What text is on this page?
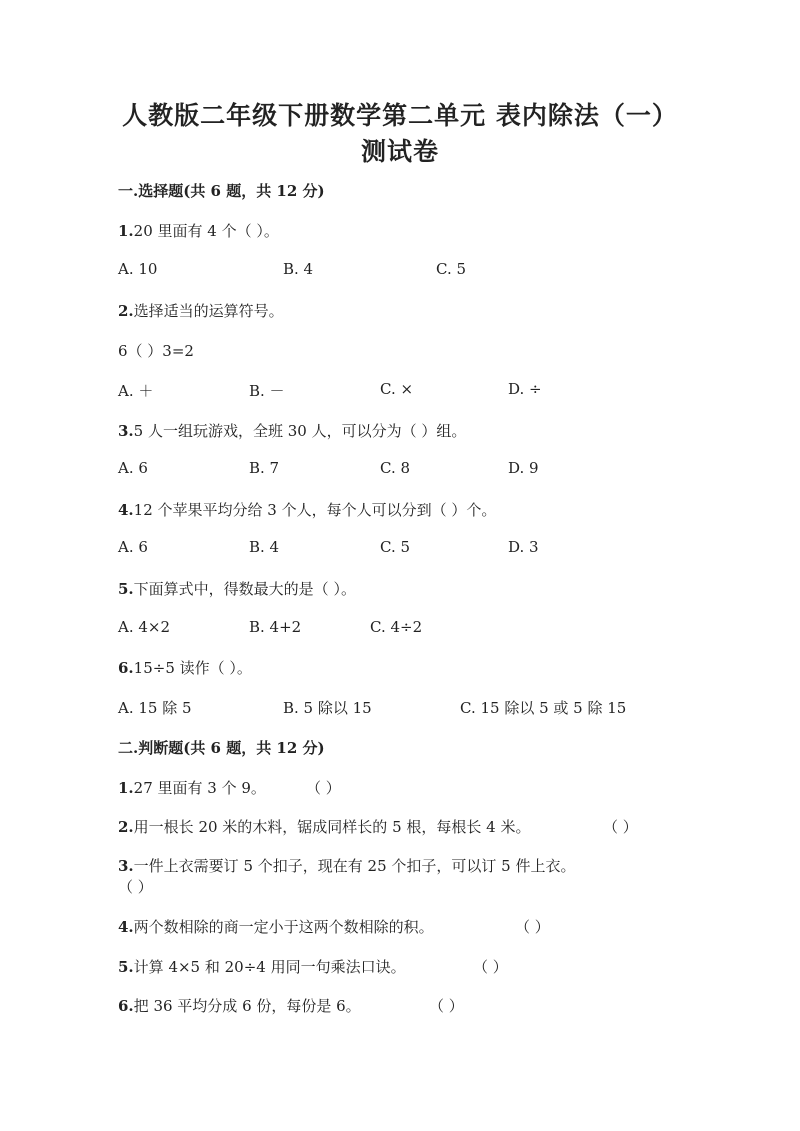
人教版二年级下册数学第二单元 表内除法（一）
测试卷
一.选择题(共 6 题，共 12 分)
1.20 里面有 4 个（ ）。
A. 10	B. 4	C. 5
2.选择适当的运算符号。
6（ ）3=2
A. ＋	B. －	C. ×	D. ÷
3.5 人一组玩游戏，全班 30 人，可以分为（ ）组。
A. 6	B. 7	C. 8	D. 9
4.12 个苹果平均分给 3 个人，每个人可以分到（ ）个。
A. 6	B. 4	C. 5	D. 3
5.下面算式中，得数最大的是（ ）。
A. 4×2	B. 4+2	C. 4÷2
6.15÷5 读作（ ）。
A. 15 除 5	B. 5 除以 15	C. 15 除以 5 或 5 除 15
二.判断题(共 6 题，共 12 分)
1.27 里面有 3 个 9。	（ ）
2.用一根长 20 米的木料，锯成同样长的 5 根，每根长 4 米。	（ ）
3.一件上衣需要订 5 个扣子，现在有 25 个扣子，可以订 5 件上衣。
（ ）
4.两个数相除的商一定小于这两个数相除的积。	（ ）
5.计算 4×5 和 20÷4 用同一句乘法口诀。	（ ）
6.把 36 平均分成 6 份，每份是 6。	（ ）
